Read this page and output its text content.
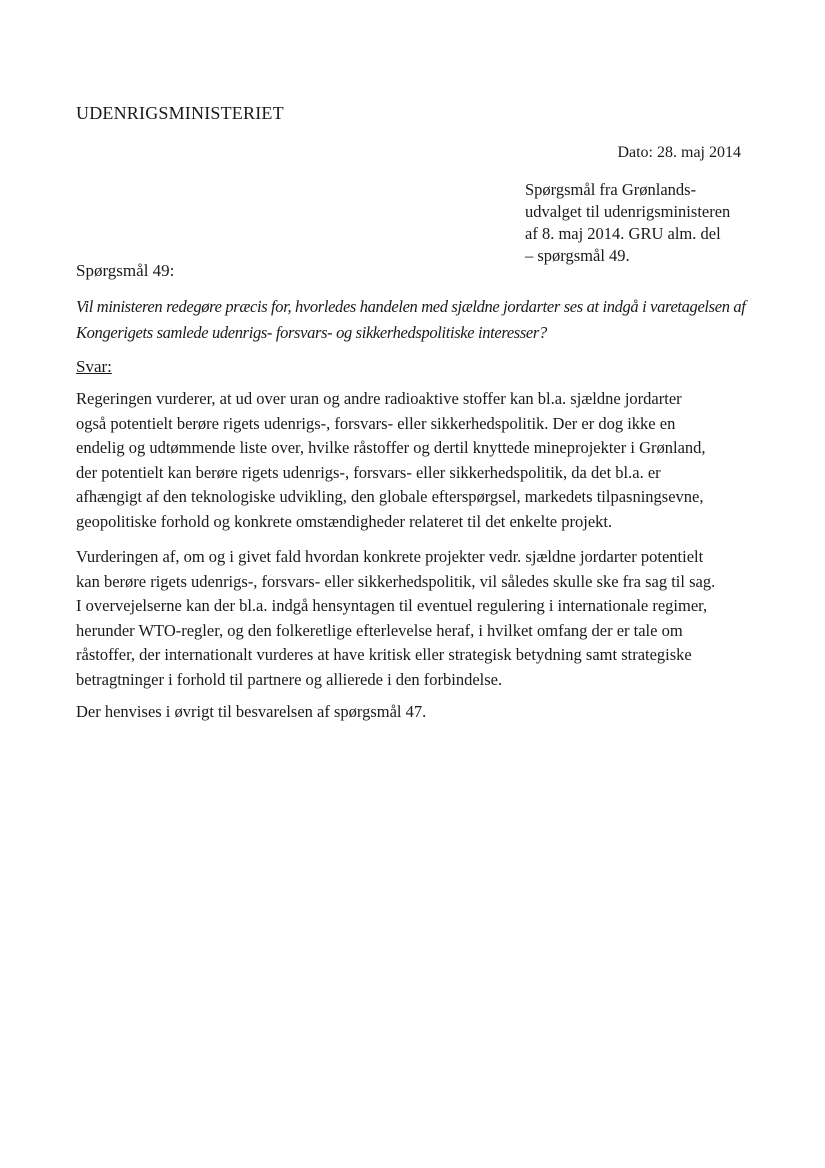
UDENRIGSMINISTERIET
Dato: 28. maj 2014
Spørgsmål fra Grønlands-
udvalget til udenrigsministeren
af 8. maj 2014. GRU alm. del
– spørgsmål 49.
Spørgsmål 49:
Vil ministeren redegøre præcis for, hvorledes handelen med sjældne jordarter ses at indgå i varetagelsen af
Kongerigets samlede udenrigs- forsvars- og sikkerhedspolitiske interesser?
Svar:
Regeringen vurderer, at ud over uran og andre radioaktive stoffer kan bl.a. sjældne jordarter
også potentielt berøre rigets udenrigs-, forsvars- eller sikkerhedspolitik. Der er dog ikke en
endelig og udtømmende liste over, hvilke råstoffer og dertil knyttede mineprojekter i Grønland,
der potentielt kan berøre rigets udenrigs-, forsvars- eller sikkerhedspolitik, da det bl.a. er
afhængigt af den teknologiske udvikling, den globale efterspørgsel, markedets tilpasningsevne,
geopolitiske forhold og konkrete omstændigheder relateret til det enkelte projekt.
Vurderingen af, om og i givet fald hvordan konkrete projekter vedr. sjældne jordarter potentielt
kan berøre rigets udenrigs-, forsvars- eller sikkerhedspolitik, vil således skulle ske fra sag til sag.
I overvejelserne kan der bl.a. indgå hensyntagen til eventuel regulering i internationale regimer,
herunder WTO-regler, og den folkeretlige efterlevelse heraf, i hvilket omfang der er tale om
råstoffer, der internationalt vurderes at have kritisk eller strategisk betydning samt strategiske
betragtninger i forhold til partnere og allierede i den forbindelse.
Der henvises i øvrigt til besvarelsen af spørgsmål 47.
